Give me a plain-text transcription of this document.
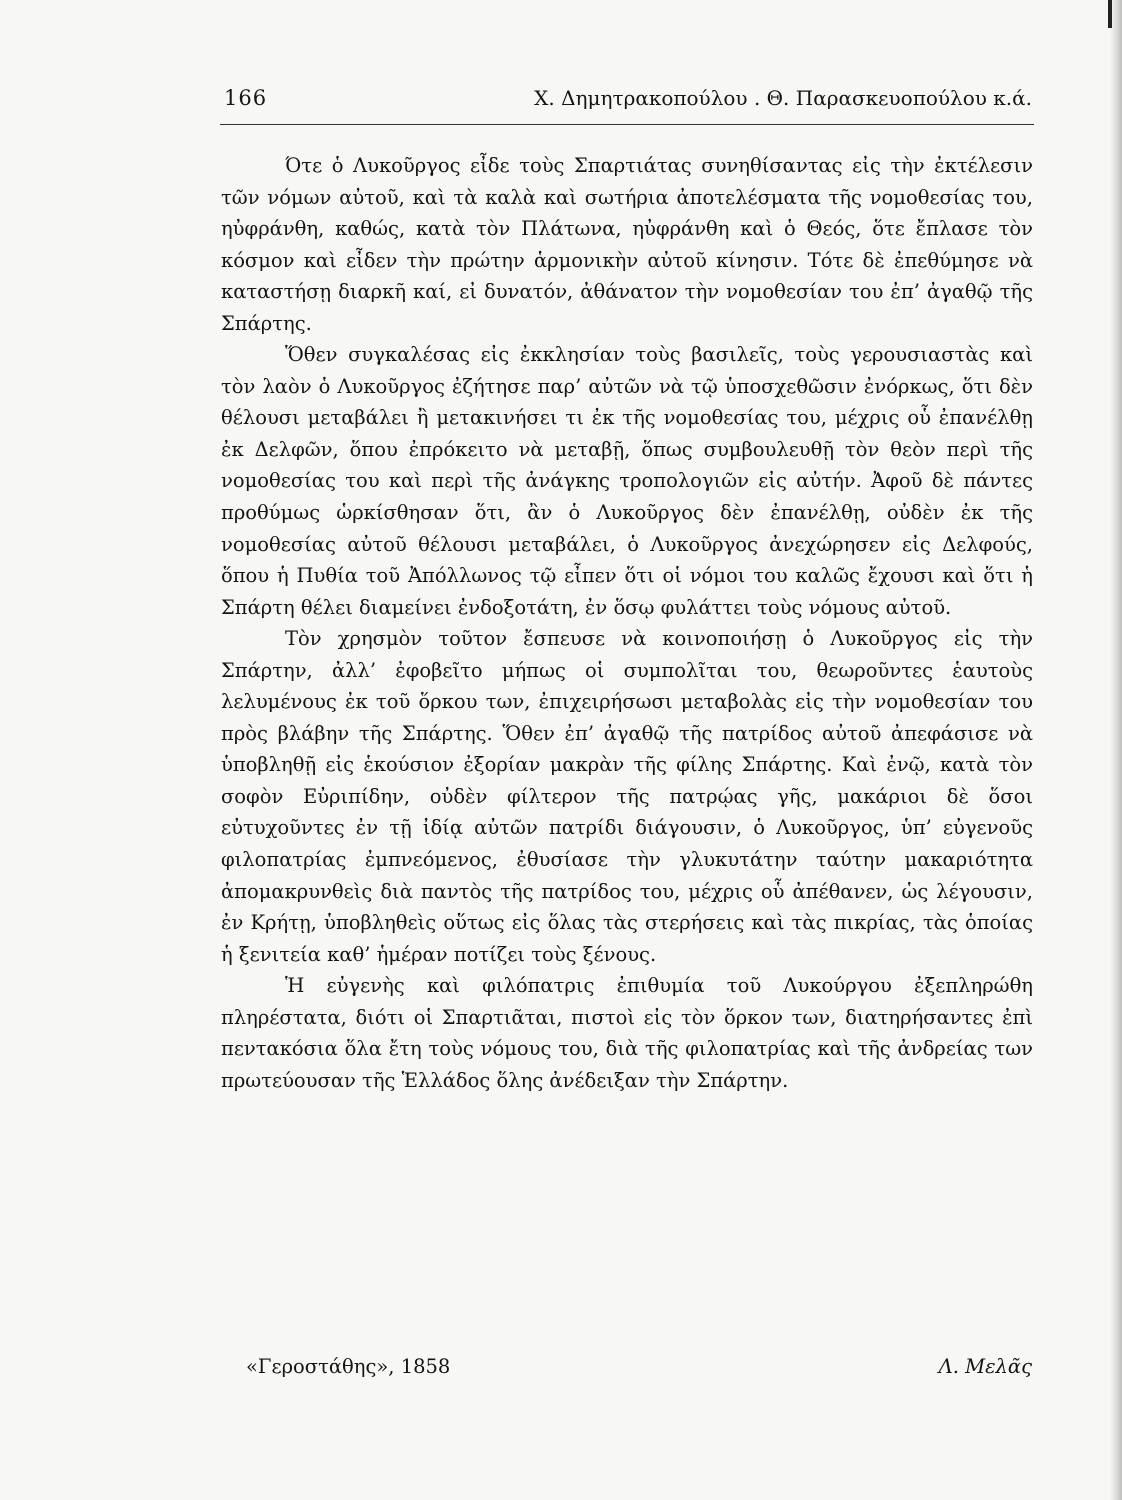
166	Χ. Δημητρακοπούλου . Θ. Παρασκευοπούλου κ.ά.

Ότε ὁ Λυκοῦργος εἶδε τοὺς Σπαρτιάτας συνηθίσαντας εἰς τὴν ἐκτέλεσιν τῶν νόμων αὐτοῦ, καὶ τὰ καλὰ καὶ σωτήρια ἀποτελέσματα τῆς νομοθεσίας του, ηὐφράνθη, καθώς, κατὰ τὸν Πλάτωνα, ηὐφράνθη καὶ ὁ Θεός, ὅτε ἔπλασε τὸν κόσμον καὶ εἶδεν τὴν πρώτην ἁρμονικὴν αὐτοῦ κίνησιν. Τότε δὲ ἐπεθύμησε νὰ καταστήσῃ διαρκῆ καί, εἰ δυνατόν, ἀθάνατον τὴν νομοθεσίαν του ἐπ’ ἀγαθῷ τῆς Σπάρτης.

Ὅθεν συγκαλέσας εἰς ἐκκλησίαν τοὺς βασιλεῖς, τοὺς γερουσιαστὰς καὶ τὸν λαὸν ὁ Λυκοῦργος ἐζήτησε παρ’ αὐτῶν νὰ τῷ ὑποσχεθῶσιν ἐνόρκως, ὅτι δὲν θέλουσι μεταβάλει ἢ μετακινήσει τι ἐκ τῆς νομοθεσίας του, μέχρις οὗ ἐπανέλθῃ ἐκ Δελφῶν, ὅπου ἐπρόκειτο νὰ μεταβῇ, ὅπως συμβουλευθῇ τὸν θεὸν περὶ τῆς νομοθεσίας του καὶ περὶ τῆς ἀνάγκης τροπολογιῶν εἰς αὐτήν. Ἀφοῦ δὲ πάντες προθύμως ὡρκίσθησαν ὅτι, ἂν ὁ Λυκοῦργος δὲν ἐπανέλθῃ, οὐδὲν ἐκ τῆς νομοθεσίας αὐτοῦ θέλουσι μεταβάλει, ὁ Λυκοῦργος ἀνεχώρησεν εἰς Δελφούς, ὅπου ἡ Πυθία τοῦ Ἀπόλλωνος τῷ εἶπεν ὅτι οἱ νόμοι του καλῶς ἔχουσι καὶ ὅτι ἡ Σπάρτη θέλει διαμείνει ἐνδοξοτάτη, ἐν ὅσῳ φυλάττει τοὺς νόμους αὐτοῦ.

Τὸν χρησμὸν τοῦτον ἔσπευσε νὰ κοινοποιήσῃ ὁ Λυκοῦργος εἰς τὴν Σπάρτην, ἀλλ’ ἐφοβεῖτο μήπως οἱ συμπολῖται του, θεωροῦντες ἑαυτοὺς λελυμένους ἐκ τοῦ ὅρκου των, ἐπιχειρήσωσι μεταβολὰς εἰς τὴν νομοθεσίαν του πρὸς βλάβην τῆς Σπάρτης. Ὅθεν ἐπ’ ἀγαθῷ τῆς πατρίδος αὐτοῦ ἀπεφάσισε νὰ ὑποβληθῇ εἰς ἑκούσιον ἐξορίαν μακρὰν τῆς φίλης Σπάρτης. Καὶ ἐνῷ, κατὰ τὸν σοφὸν Εὐριπίδην, οὐδὲν φίλτερον τῆς πατρῴας γῆς, μακάριοι δὲ ὅσοι εὐτυχοῦντες ἐν τῇ ἰδίᾳ αὐτῶν πατρίδι διάγουσιν, ὁ Λυκοῦργος, ὑπ’ εὐγενοῦς φιλοπατρίας ἐμπνεόμενος, ἐθυσίασε τὴν γλυκυτάτην ταύτην μακαριότητα ἀπομακρυνθεὶς διὰ παντὸς τῆς πατρίδος του, μέχρις οὗ ἀπέθανεν, ὡς λέγουσιν, ἐν Κρήτῃ, ὑποβληθεὶς οὕτως εἰς ὅλας τὰς στερήσεις καὶ τὰς πικρίας, τὰς ὁποίας ἡ ξενιτεία καθ’ ἡμέραν ποτίζει τοὺς ξένους.

Ἡ εὐγενὴς καὶ φιλόπατρις ἐπιθυμία τοῦ Λυκούργου ἐξεπληρώθη πληρέστατα, διότι οἱ Σπαρτιᾶται, πιστοὶ εἰς τὸν ὅρκον των, διατηρήσαντες ἐπὶ πεντακόσια ὅλα ἔτη τοὺς νόμους του, διὰ τῆς φιλοπατρίας καὶ τῆς ἀνδρείας των πρωτεύουσαν τῆς Ἑλλάδος ὅλης ἀνέδειξαν τὴν Σπάρτην.

«Γεροστάθης», 1858	Λ. Μελᾶς
